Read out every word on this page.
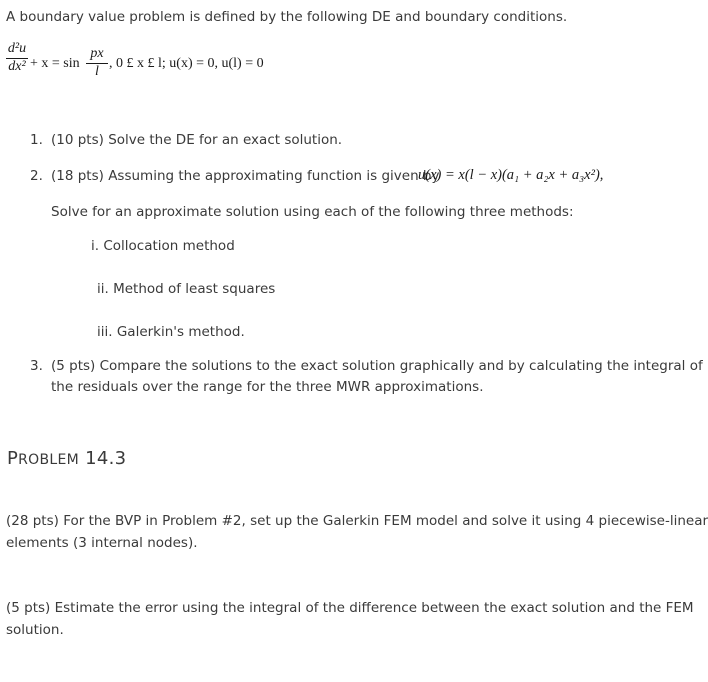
A boundary value problem is defined by the following DE and boundary conditions.
d²u
dx² + x = sin
px
l
, 0 £ x £ l; u(x) = 0, u(l) = 0
1. (10 pts) Solve the DE for an exact solution.
2. (18 pts) Assuming the approximating function is given by
u(x) = x(l − x)(a₁ + a₂x + a₃x²),
Solve for an approximate solution using each of the following three methods:
i. Collocation method
ii. Method of least squares
iii. Galerkin's method.
3. (5 pts) Compare the solutions to the exact solution graphically and by calculating the integral of
the residuals over the range for the three MWR approximations.
PROBLEM 14.3
(28 pts) For the BVP in Problem #2, set up the Galerkin FEM model and solve it using 4 piecewise-linear
elements (3 internal nodes).
(5 pts) Estimate the error using the integral of the difference between the exact solution and the FEM
solution.
